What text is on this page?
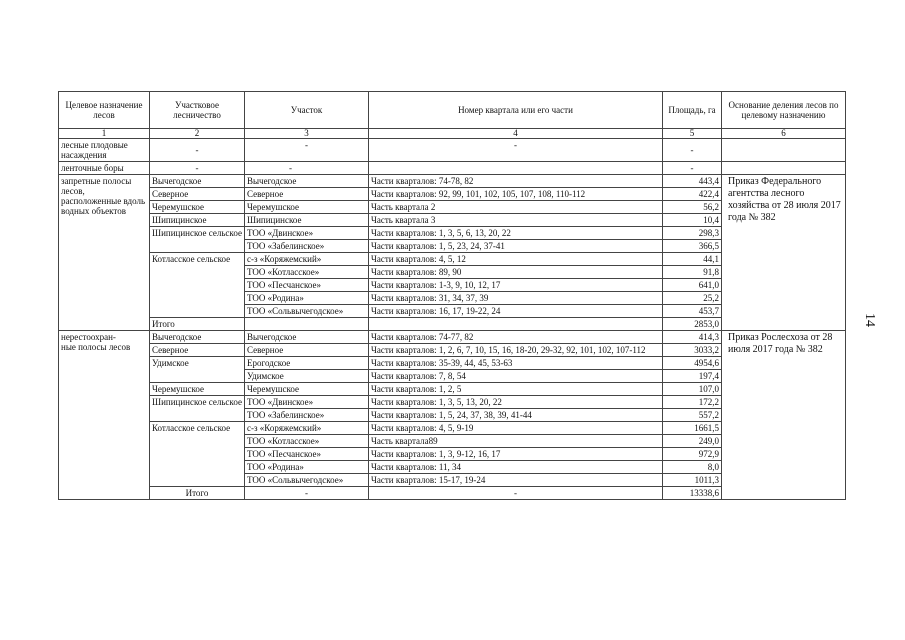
Целевое назначение лесов	Участковое лесничество	Участок	Номер квартала или его части	Площадь, га	Основание деления лесов по целевому назначению
1	2	3	4	5	6
лесные плодовые насаждения	-	-	-	-	
ленточные боры	-	-		-	
запретные полосы лесов, расположенные вдоль водных объектов	Вычегодское	Вычегодское	Части кварталов: 74-78, 82	443,4	Приказ Федерального агентства лесного хозяйства от 28 июля 2017 года № 382
	Северное	Северное	Части кварталов: 92, 99, 101, 102, 105, 107, 108, 110-112	422,4	
	Черемушское	Черемушское	Часть квартала 2	56,2	
	Шипицинское	Шипицинское	Часть квартала 3	10,4	
	Шипицинское сельское	ТОО «Двинское»	Части кварталов: 1, 3, 5, 6, 13, 20, 22	298,3	
		ТОО «Забелинское»	Части кварталов: 1, 5, 23, 24, 37-41	366,5	
	Котласское сельское	с-з «Коряжемский»	Части кварталов: 4, 5, 12	44,1	
		ТОО «Котласское»	Части кварталов: 89, 90	91,8	
		ТОО «Песчанское»	Части кварталов: 1-3, 9, 10, 12, 17	641,0	
		ТОО «Родина»	Части кварталов: 31, 34, 37, 39	25,2	
		ТОО «Сольвычегодское»	Части кварталов: 16, 17, 19-22, 24	453,7	
	Итого			2853,0	
нерестоохран-
ные полосы лесов	Вычегодское	Вычегодское	Части кварталов: 74-77, 82	414,3	Приказ Рослесхоза от 28 июля 2017 года № 382
	Северное	Северное	Части кварталов: 1, 2, 6, 7, 10, 15, 16, 18-20, 29-32, 92, 101, 102, 107-112	3033,2	
	Удимское	Ерогодское	Части кварталов: 35-39, 44, 45, 53-63	4954,6	
		Удимское	Части кварталов: 7, 8, 54	197,4	
	Черемушское	Черемушское	Части кварталов: 1, 2, 5	107,0	
	Шипицинское сельское	ТОО «Двинское»	Части кварталов: 1, 3, 5, 13, 20, 22	172,2	
		ТОО «Забелинское»	Части кварталов: 1, 5, 24, 37, 38, 39, 41-44	557,2	
	Котласское сельское	с-з «Коряжемский»	Части кварталов: 4, 5, 9-19	1661,5	
		ТОО «Котласское»	Часть квартала89	249,0	
		ТОО «Песчанское»	Части кварталов: 1, 3, 9-12, 16, 17	972,9	
		ТОО «Родина»	Части кварталов: 11, 34	8,0	
		ТОО «Сольвычегодское»	Части кварталов: 15-17, 19-24	1011,3	
	Итого	-	-	13338,6	
14
